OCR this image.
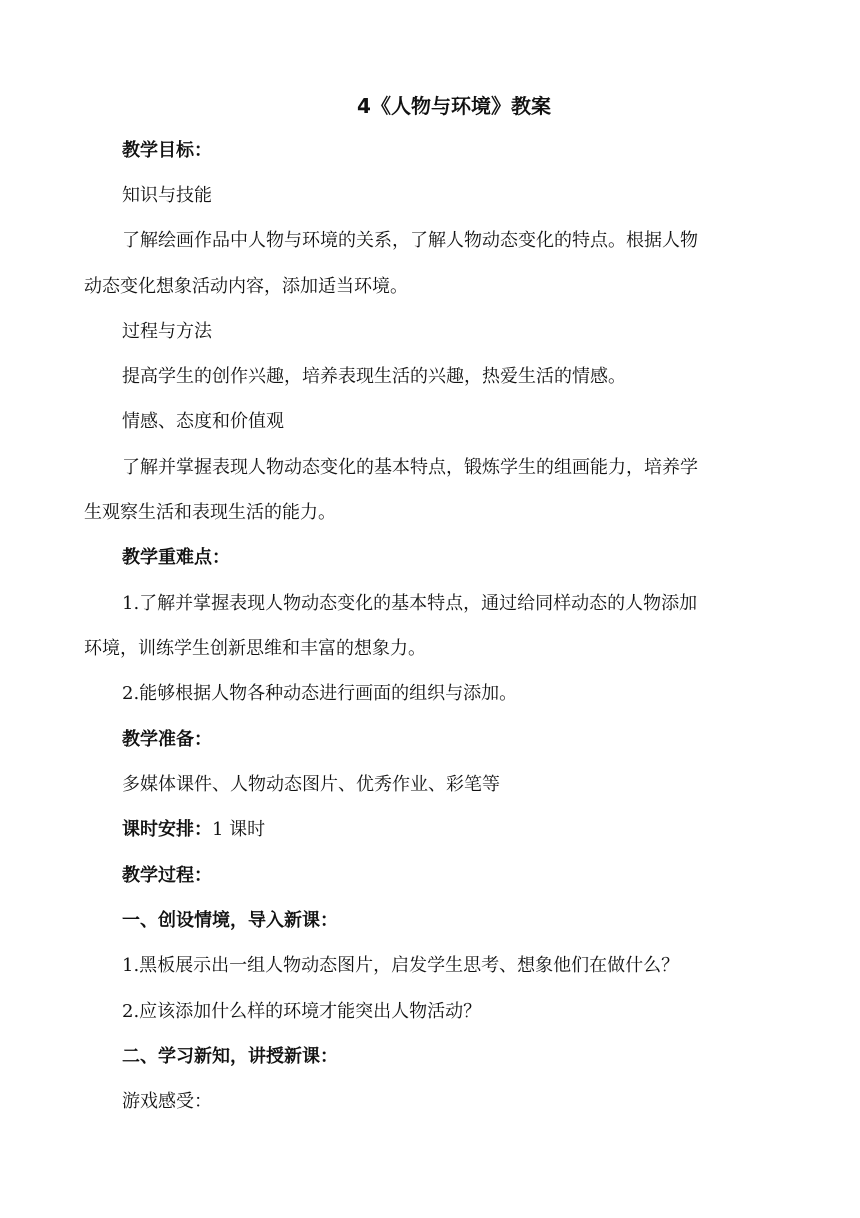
4《人物与环境》教案
教学目标：
知识与技能
了解绘画作品中人物与环境的关系，了解人物动态变化的特点。根据人物
动态变化想象活动内容，添加适当环境。
过程与方法
提高学生的创作兴趣，培养表现生活的兴趣，热爱生活的情感。
情感、态度和价值观
了解并掌握表现人物动态变化的基本特点，锻炼学生的组画能力，培养学
生观察生活和表现生活的能力。
教学重难点：
1.了解并掌握表现人物动态变化的基本特点，通过给同样动态的人物添加
环境，训练学生创新思维和丰富的想象力。
2.能够根据人物各种动态进行画面的组织与添加。
教学准备：
多媒体课件、人物动态图片、优秀作业、彩笔等
课时安排：1 课时
教学过程：
一、创设情境，导入新课：
1.黑板展示出一组人物动态图片，启发学生思考、想象他们在做什么？
2.应该添加什么样的环境才能突出人物活动？
二、学习新知，讲授新课：
游戏感受：
